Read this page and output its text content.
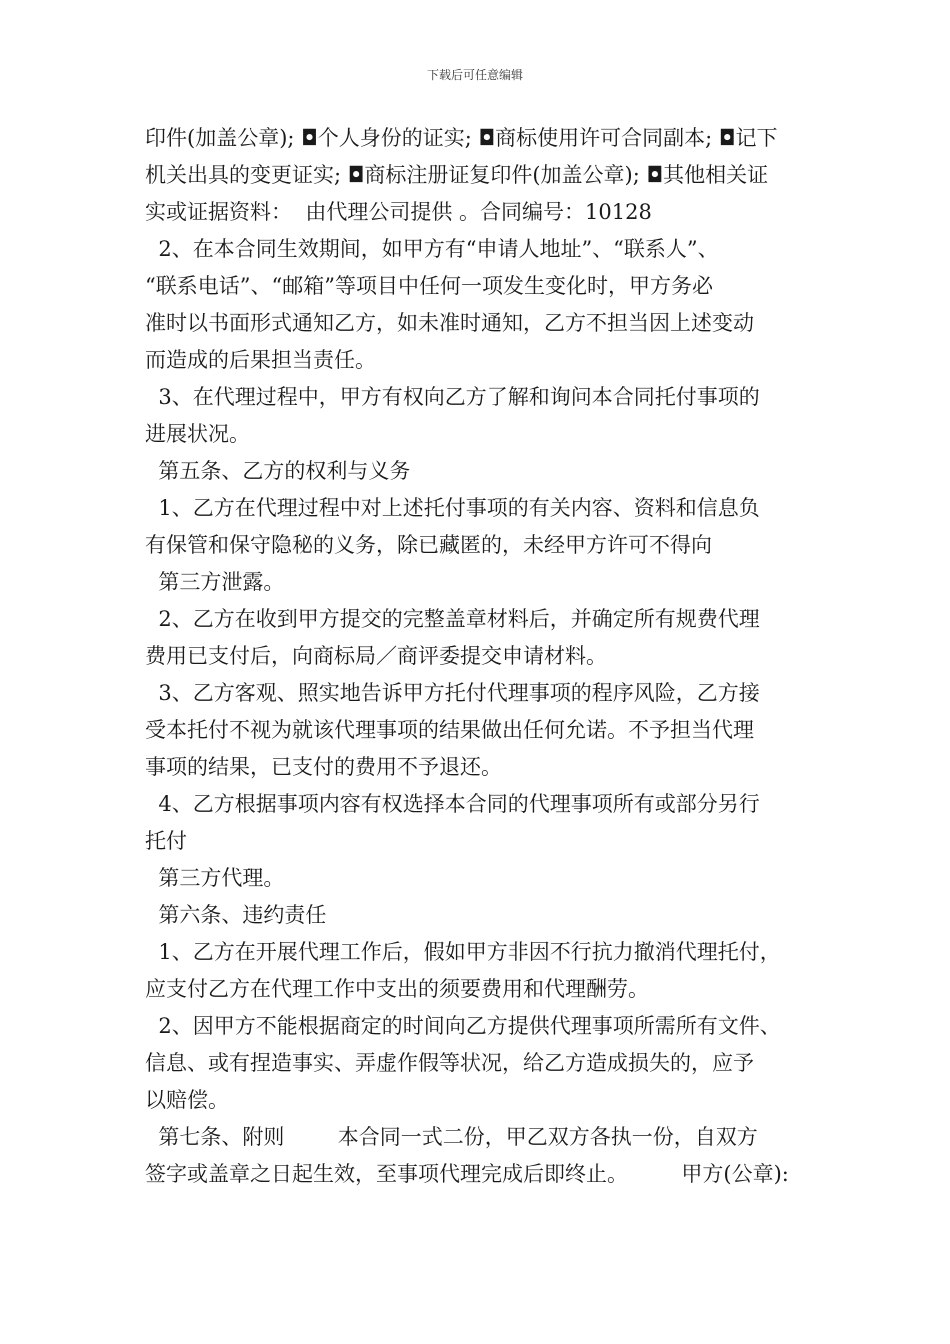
下载后可任意编辑
印件(加盖公章); ◘个人身份的证实; ◘商标使用许可合同副本; ◘记下
机关出具的变更证实; ◘商标注册证复印件(加盖公章); ◘其他相关证
实或证据资料：  由代理公司提供 。合同编号：10128
2、在本合同生效期间，如甲方有“申请人地址”、“联系人”、
“联系电话”、“邮箱”等项目中任何一项发生变化时，甲方务必
准时以书面形式通知乙方，如未准时通知，乙方不担当因上述变动
而造成的后果担当责任。
3、在代理过程中，甲方有权向乙方了解和询问本合同托付事项的
进展状况。
第五条、乙方的权利与义务
1、乙方在代理过程中对上述托付事项的有关内容、资料和信息负
有保管和保守隐秘的义务，除已藏匿的，未经甲方许可不得向
第三方泄露。
2、乙方在收到甲方提交的完整盖章材料后，并确定所有规费代理
费用已支付后，向商标局／商评委提交申请材料。
3、乙方客观、照实地告诉甲方托付代理事项的程序风险，乙方接
受本托付不视为就该代理事项的结果做出任何允诺。不予担当代理
事项的结果，已支付的费用不予退还。
4、乙方根据事项内容有权选择本合同的代理事项所有或部分另行
托付
第三方代理。
第六条、违约责任
1、乙方在开展代理工作后，假如甲方非因不行抗力撤消代理托付，
应支付乙方在代理工作中支出的须要费用和代理酬劳。
2、因甲方不能根据商定的时间向乙方提供代理事项所需所有文件、
信息、或有捏造事实、弄虚作假等状况，给乙方造成损失的，应予
以赔偿。
第七条、附则        本合同一式二份，甲乙双方各执一份，自双方
签字或盖章之日起生效，至事项代理完成后即终止。        甲方(公章):
